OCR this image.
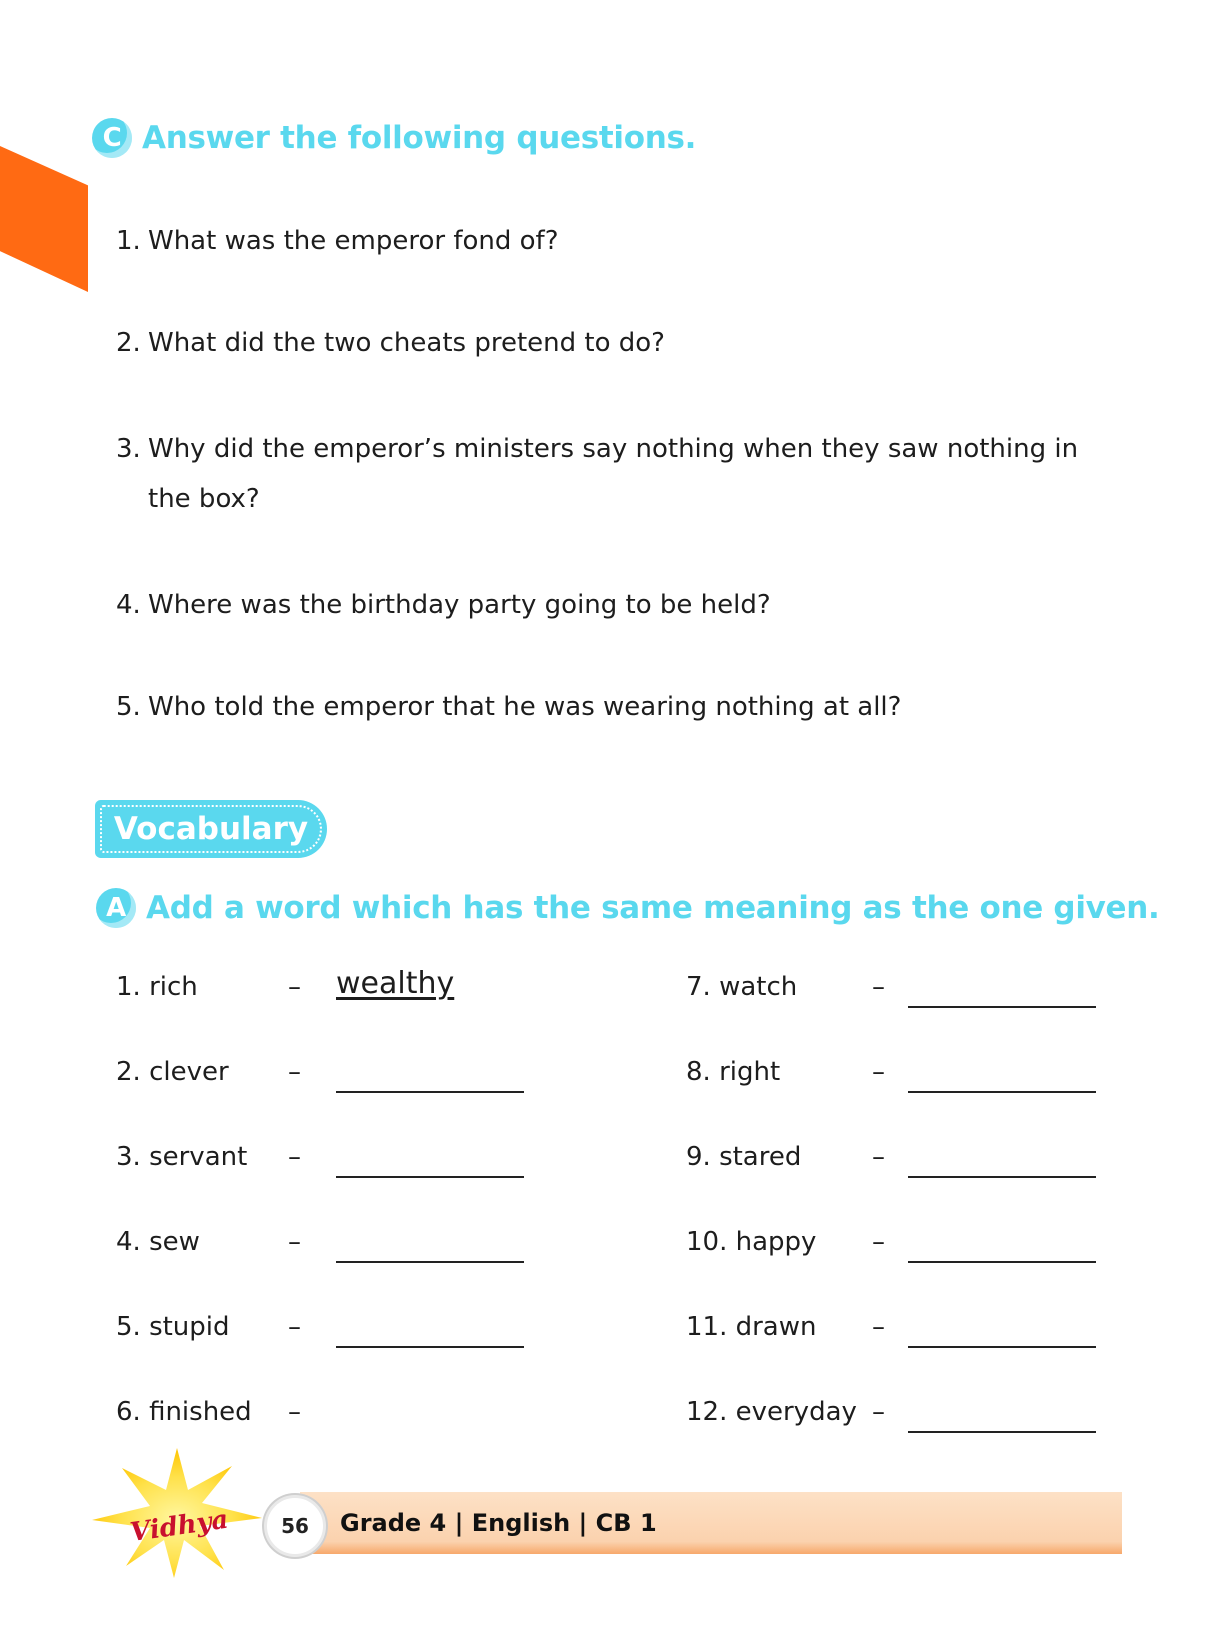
C Answer the following questions.
1. What was the emperor fond of?
2. What did the two cheats pretend to do?
3. Why did the emperor’s ministers say nothing when they saw nothing in the box?
4. Where was the birthday party going to be held?
5. Who told the emperor that he was wearing nothing at all?
Vocabulary
A Add a word which has the same meaning as the one given.
1. rich	– wealthy
2. clever –
3. servant –
4. sew	–
5. stupid –
6. finished –
7. watch	–
8. right	–
9. stared	–
10. happy –
11. drawn –
12. everyday –
Grade 4 | English | CB 1
56
Vidhya
